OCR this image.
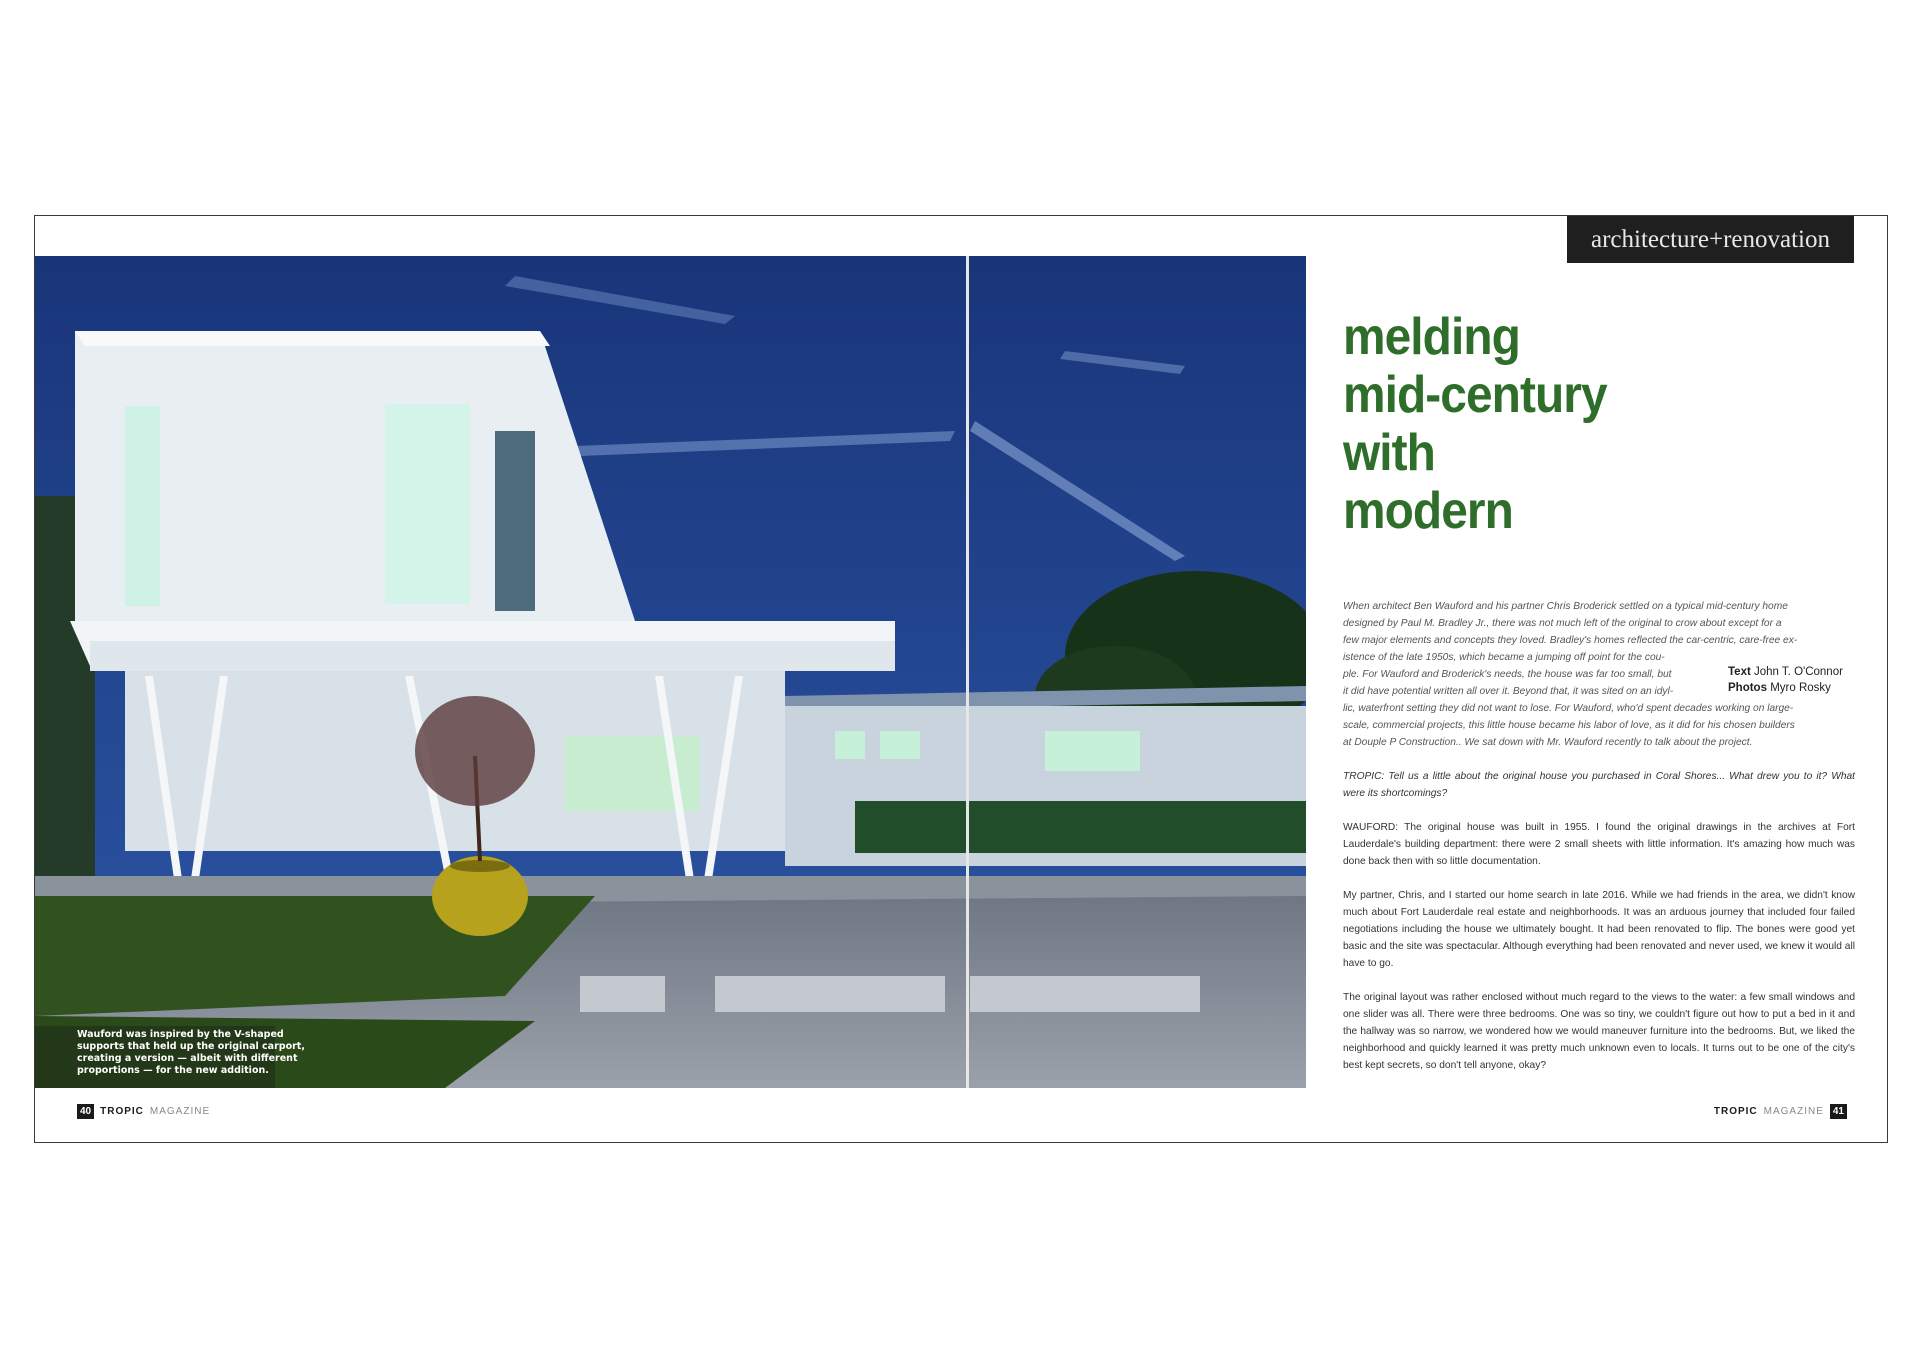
Wauford was inspired by the V-shaped supports that held up the original carport, creating a version — albeit with different proportions — for the new addition.
architecture+renovation
melding
mid-century
with
modern

When architect Ben Wauford and his partner Chris Broderick settled on a typical mid-century home
designed by Paul M. Bradley Jr., there was not much left of the original to crow about except for a
few major elements and concepts they loved. Bradley's homes reflected the car-centric, care-free ex-
istence of the late 1950s, which became a jumping off point for the cou-
ple. For Wauford and Broderick's needs, the house was far too small, but
it did have potential written all over it. Beyond that, it was sited on an idyl-
lic, waterfront setting they did not want to lose. For Wauford, who'd spent decades working on large-
scale, commercial projects, this little house became his labor of love, as it did for his chosen builders
at Douple P Construction.. We sat down with Mr. Wauford recently to talk about the project.

TROPIC: Tell us a little about the original house you purchased in Coral Shores... What drew you to it? What were its shortcomings?

WAUFORD: The original house was built in 1955. I found the original drawings in the archives at Fort Lauderdale's building department: there were 2 small sheets with little information. It's amazing how much was done back then with so little documentation.

My partner, Chris, and I started our home search in late 2016. While we had friends in the area, we didn't know much about Fort Lauderdale real estate and neighborhoods. It was an arduous journey that included four failed negotiations including the house we ultimately bought. It had been renovated to flip. The bones were good yet basic and the site was spectacular. Although everything had been renovated and never used, we knew it would all have to go.

The original layout was rather enclosed without much regard to the views to the water: a few small windows and one slider was all. There were three bedrooms. One was so tiny, we couldn't figure out how to put a bed in it and the hallway was so narrow, we wondered how we would maneuver furniture into the bedrooms. But, we liked the neighborhood and quickly learned it was pretty much unknown even to locals. It turns out to be one of the city's best kept secrets, so don't tell anyone, okay?

Text John T. O'Connor
Photos Myro Rosky
40 TROPIC MAGAZINE	TROPIC MAGAZINE 41
